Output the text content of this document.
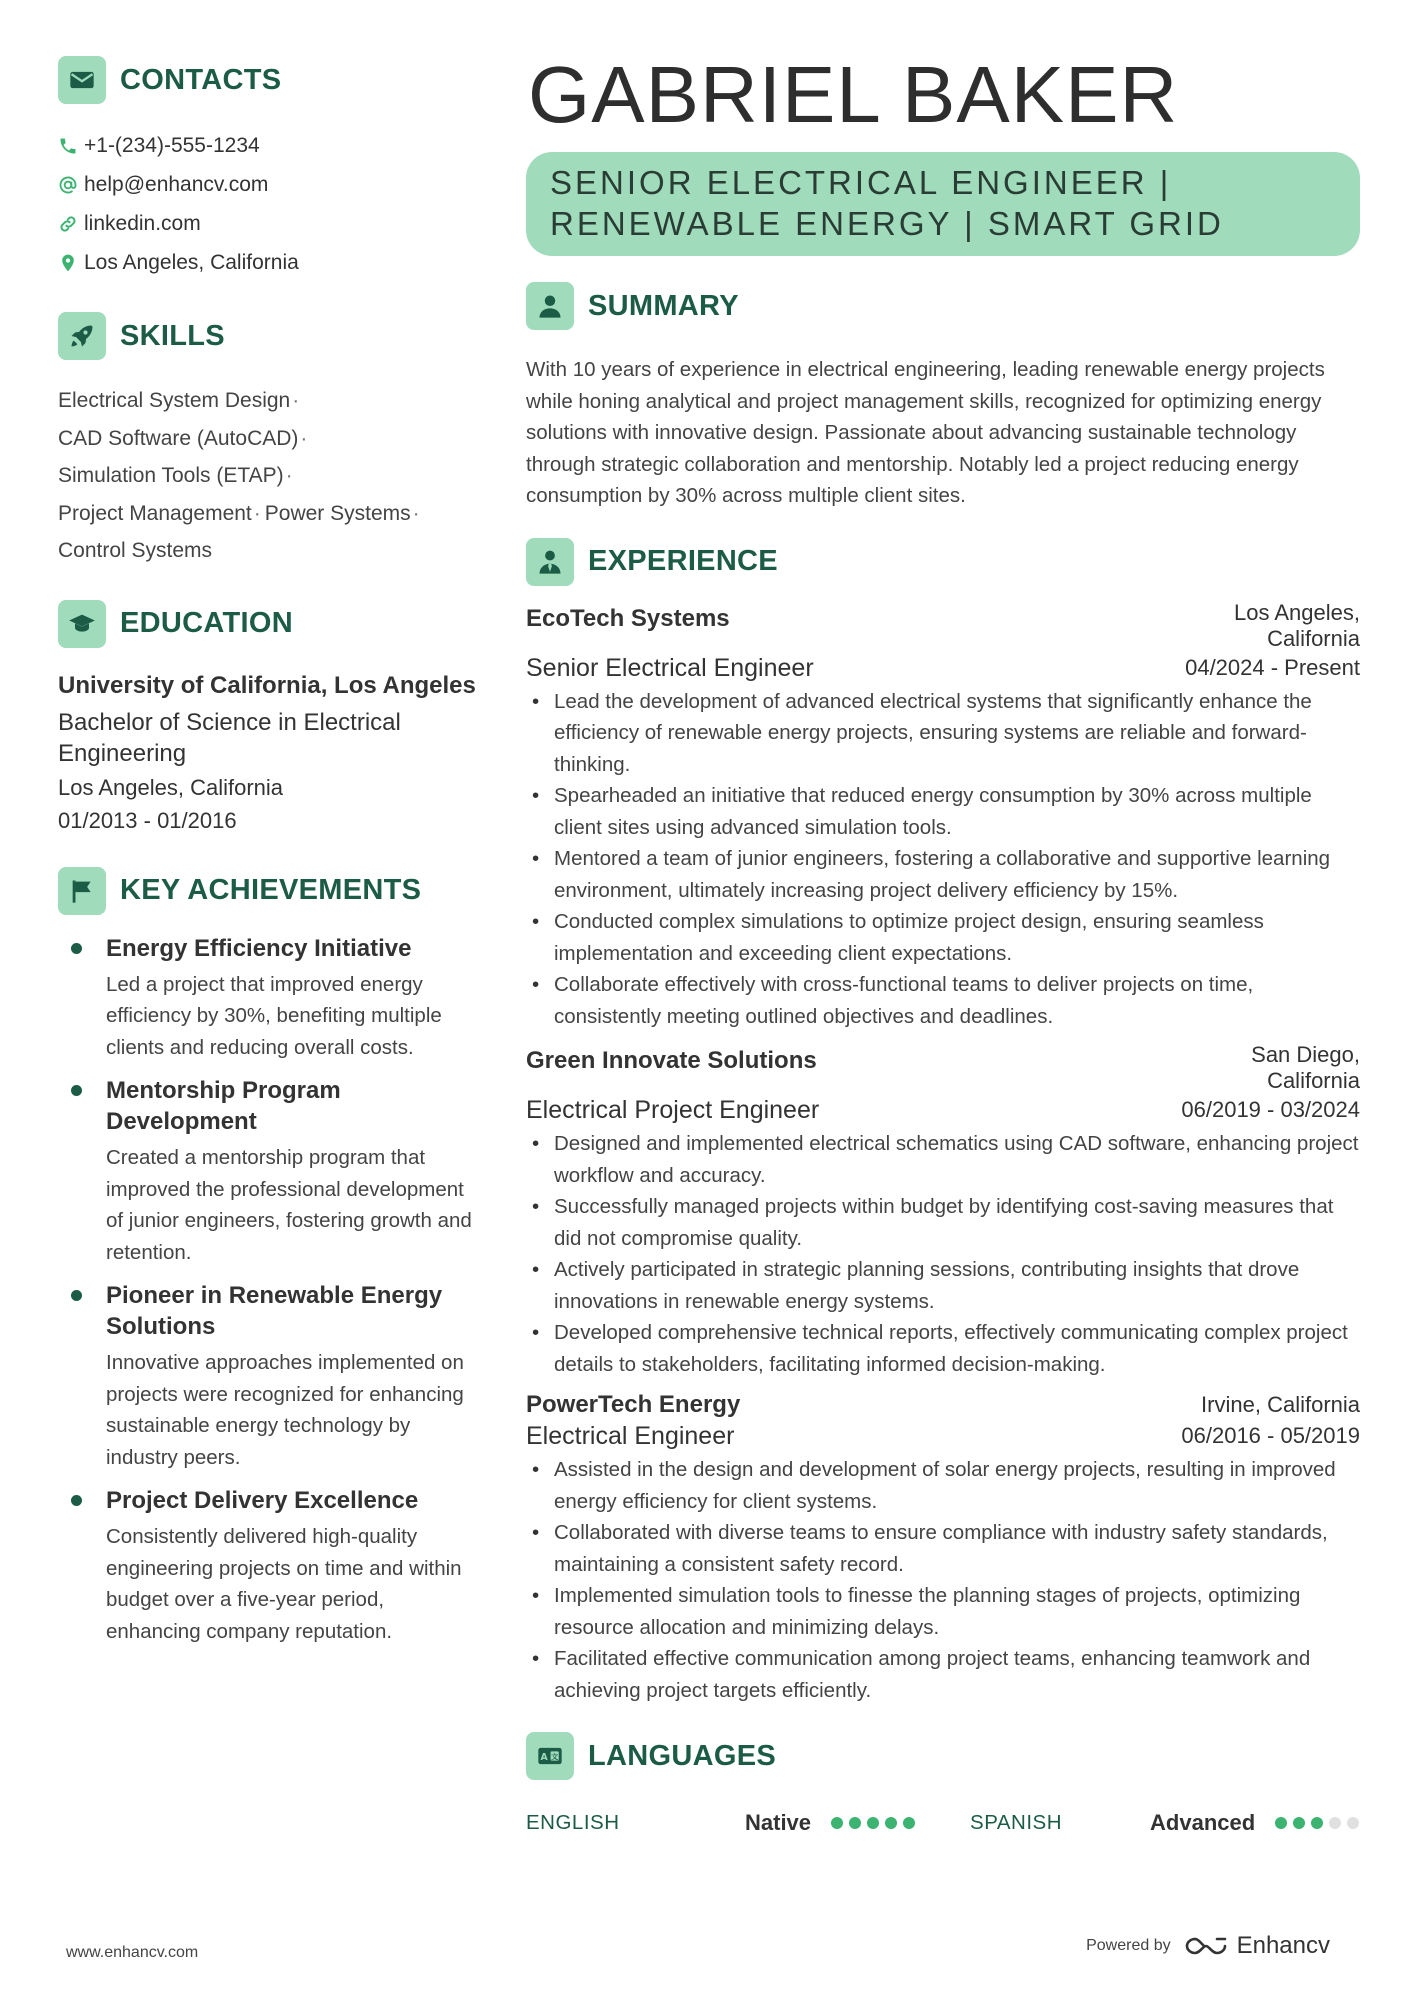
CONTACTS
+1-(234)-555-1234
help@enhancv.com
linkedin.com
Los Angeles, California
SKILLS
Electrical System Design·
CAD Software (AutoCAD)·
Simulation Tools (ETAP)·
Project Management· Power Systems·
Control Systems
EDUCATION
University of California, Los Angeles
Bachelor of Science in Electrical Engineering
Los Angeles, California
01/2013 - 01/2016
KEY ACHIEVEMENTS
Energy Efficiency Initiative
Led a project that improved energy efficiency by 30%, benefiting multiple clients and reducing overall costs.
Mentorship Program Development
Created a mentorship program that improved the professional development of junior engineers, fostering growth and retention.
Pioneer in Renewable Energy Solutions
Innovative approaches implemented on projects were recognized for enhancing sustainable energy technology by industry peers.
Project Delivery Excellence
Consistently delivered high-quality engineering projects on time and within budget over a five-year period, enhancing company reputation.
GABRIEL BAKER
SENIOR ELECTRICAL ENGINEER |
RENEWABLE ENERGY | SMART GRID
SUMMARY
With 10 years of experience in electrical engineering, leading renewable energy projects while honing analytical and project management skills, recognized for optimizing energy solutions with innovative design. Passionate about advancing sustainable technology through strategic collaboration and mentorship. Notably led a project reducing energy consumption by 30% across multiple client sites.
EXPERIENCE
EcoTech Systems	Los Angeles,
California
Senior Electrical Engineer	04/2024 - Present
• Lead the development of advanced electrical systems that significantly enhance the efficiency of renewable energy projects, ensuring systems are reliable and forward-thinking.
• Spearheaded an initiative that reduced energy consumption by 30% across multiple client sites using advanced simulation tools.
• Mentored a team of junior engineers, fostering a collaborative and supportive learning environment, ultimately increasing project delivery efficiency by 15%.
• Conducted complex simulations to optimize project design, ensuring seamless implementation and exceeding client expectations.
• Collaborate effectively with cross-functional teams to deliver projects on time, consistently meeting outlined objectives and deadlines.
Green Innovate Solutions	San Diego,
California
Electrical Project Engineer	06/2019 - 03/2024
• Designed and implemented electrical schematics using CAD software, enhancing project workflow and accuracy.
• Successfully managed projects within budget by identifying cost-saving measures that did not compromise quality.
• Actively participated in strategic planning sessions, contributing insights that drove innovations in renewable energy systems.
• Developed comprehensive technical reports, effectively communicating complex project details to stakeholders, facilitating informed decision-making.
PowerTech Energy	Irvine, California
Electrical Engineer	06/2016 - 05/2019
• Assisted in the design and development of solar energy projects, resulting in improved energy efficiency for client systems.
• Collaborated with diverse teams to ensure compliance with industry safety standards, maintaining a consistent safety record.
• Implemented simulation tools to finesse the planning stages of projects, optimizing resource allocation and minimizing delays.
• Facilitated effective communication among project teams, enhancing teamwork and achieving project targets efficiently.
A 文 LANGUAGES
ENGLISH	Native	SPANISH	Advanced
www.enhancv.com	Powered by	Enhancv
